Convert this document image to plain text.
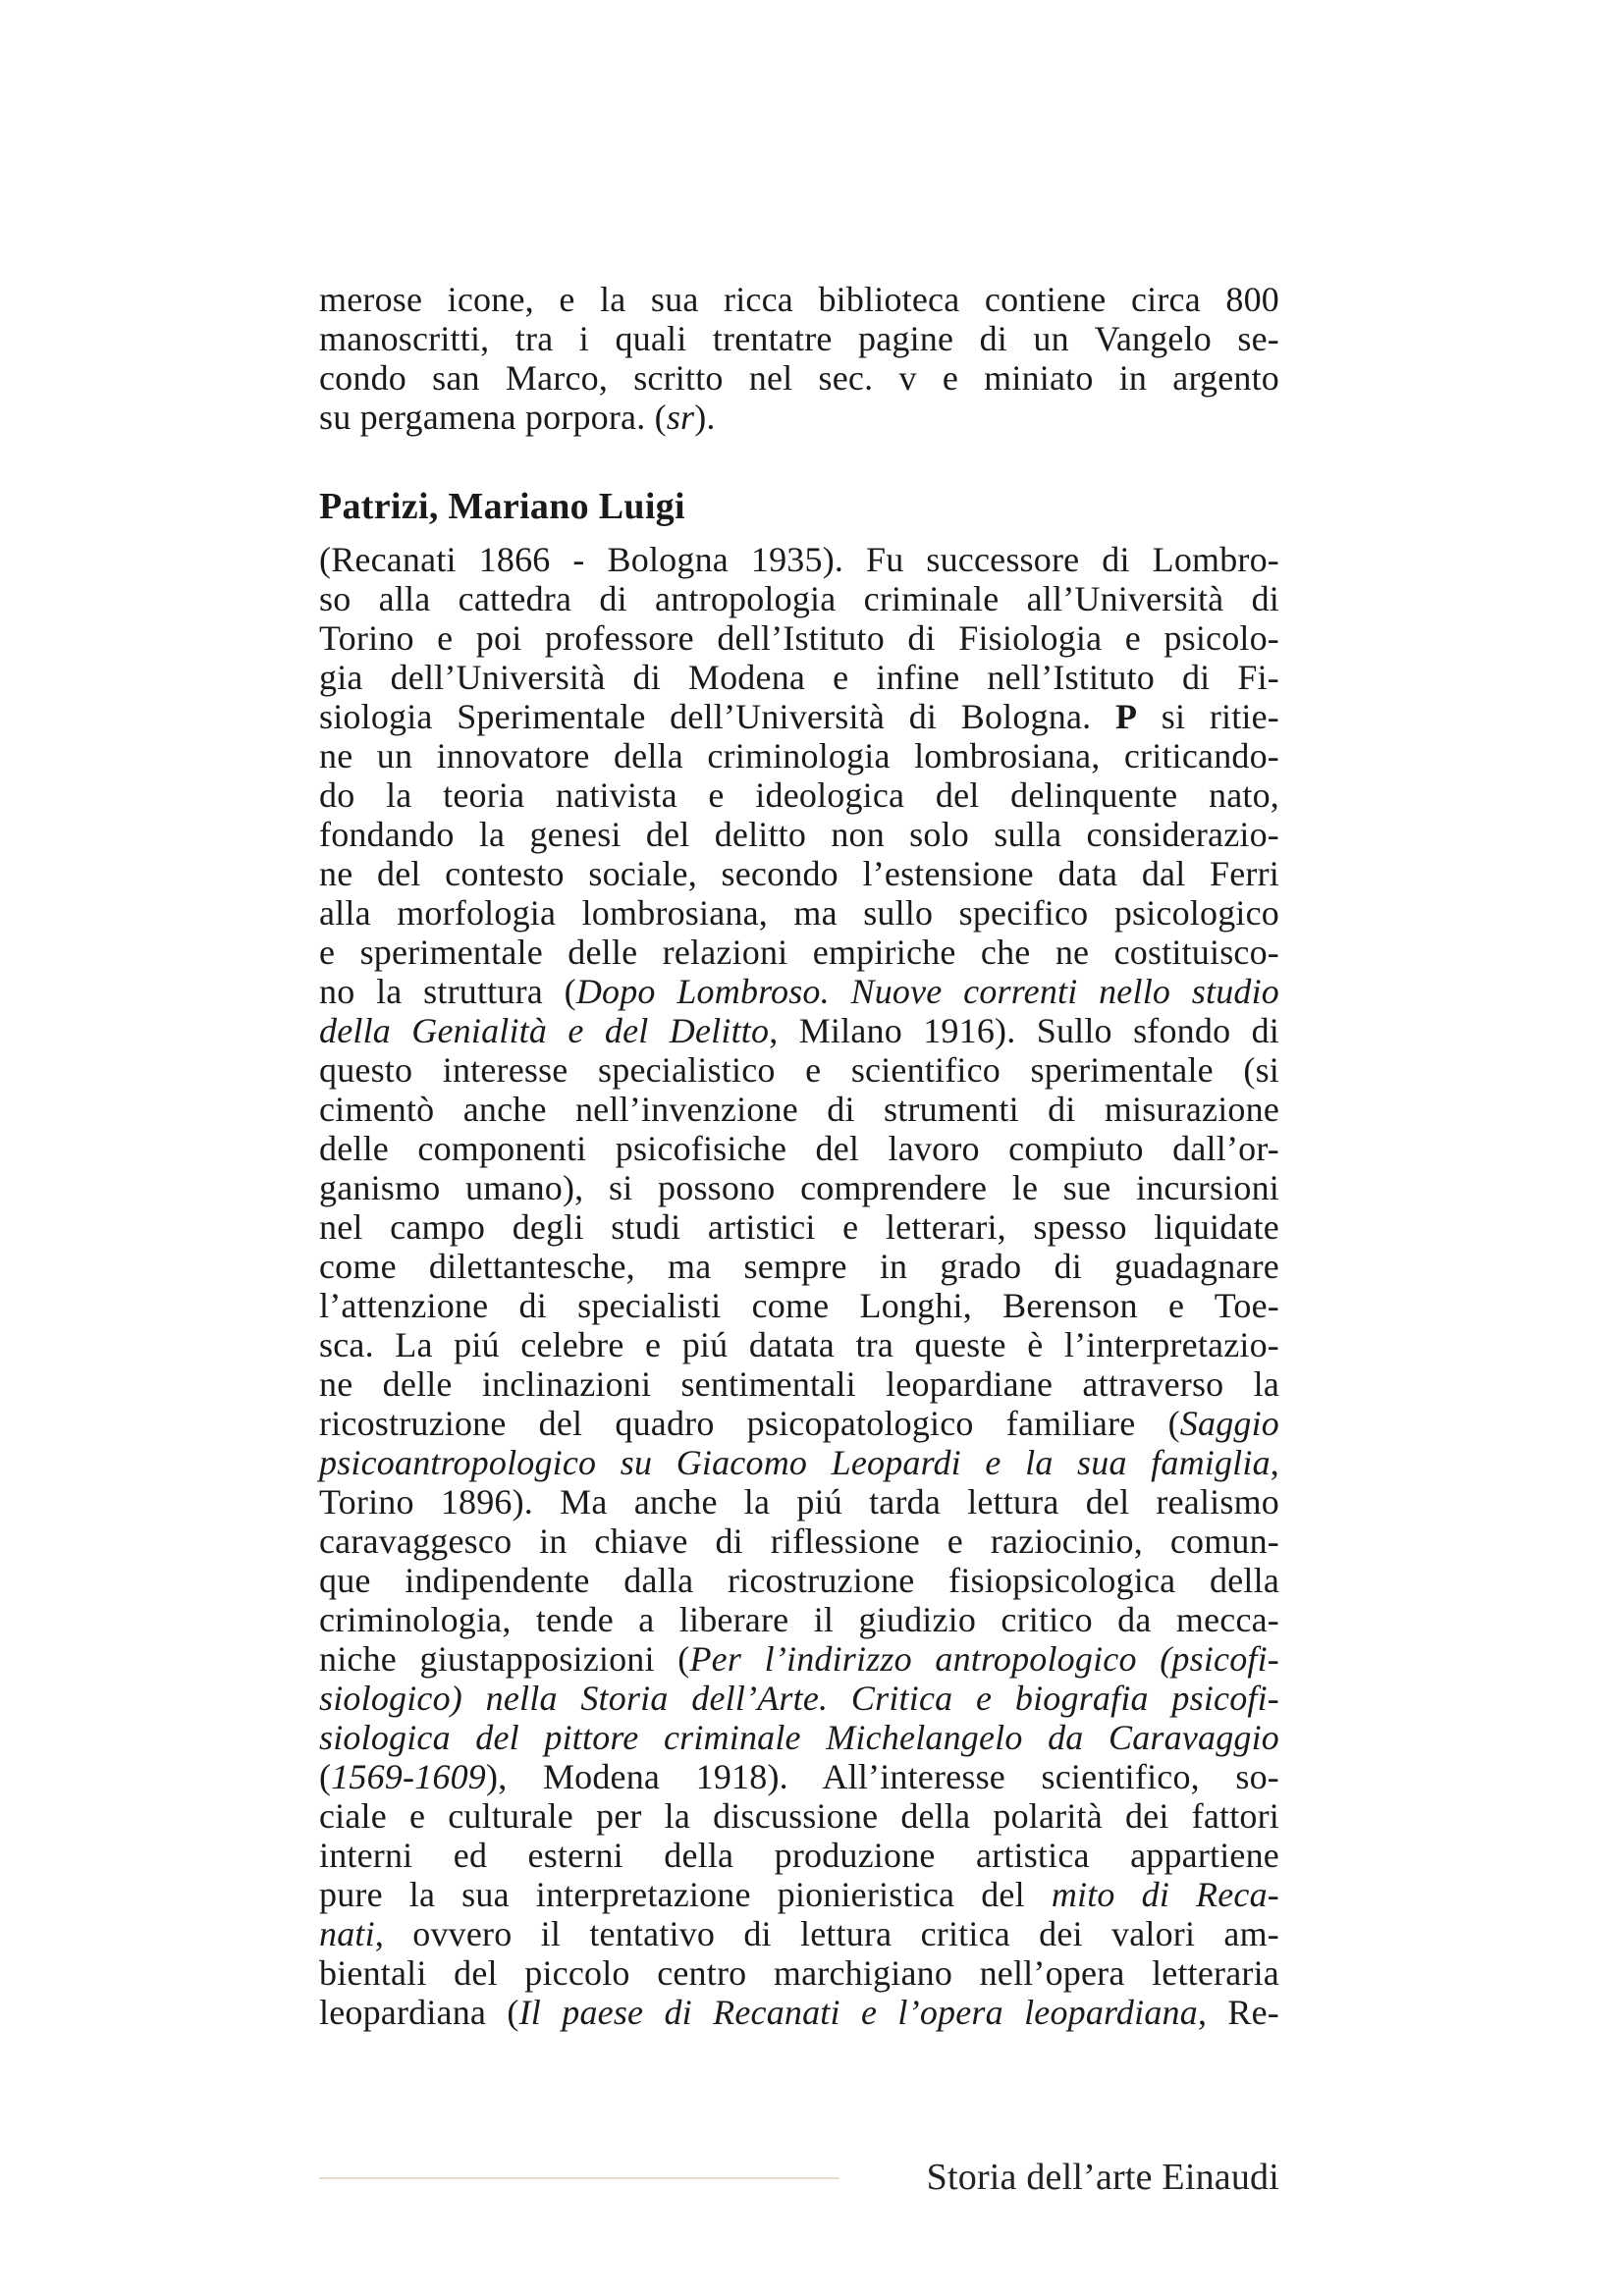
merose icone, e la sua ricca biblioteca contiene circa 800
manoscritti, tra i quali trentatre pagine di un Vangelo se-
condo san Marco, scritto nel sec. v e miniato in argento
su pergamena porpora. (sr).
Patrizi, Mariano Luigi
(Recanati 1866 - Bologna 1935). Fu successore di Lombro-
so alla cattedra di antropologia criminale all’Università di
Torino e poi professore dell’Istituto di Fisiologia e psicolo-
gia dell’Università di Modena e infine nell’Istituto di Fi-
siologia Sperimentale dell’Università di Bologna. P si ritie-
ne un innovatore della criminologia lombrosiana, criticando-
do la teoria nativista e ideologica del delinquente nato,
fondando la genesi del delitto non solo sulla considerazio-
ne del contesto sociale, secondo l’estensione data dal Ferri
alla morfologia lombrosiana, ma sullo specifico psicologico
e sperimentale delle relazioni empiriche che ne costituisco-
no la struttura (Dopo Lombroso. Nuove correnti nello studio
della Genialità e del Delitto, Milano 1916). Sullo sfondo di
questo interesse specialistico e scientifico sperimentale (si
cimentò anche nell’invenzione di strumenti di misurazione
delle componenti psicofisiche del lavoro compiuto dall’or-
ganismo umano), si possono comprendere le sue incursioni
nel campo degli studi artistici e letterari, spesso liquidate
come dilettantesche, ma sempre in grado di guadagnare
l’attenzione di specialisti come Longhi, Berenson e Toe-
sca. La piú celebre e piú datata tra queste è l’interpretazio-
ne delle inclinazioni sentimentali leopardiane attraverso la
ricostruzione del quadro psicopatologico familiare (Saggio
psicoantropologico su Giacomo Leopardi e la sua famiglia,
Torino 1896). Ma anche la piú tarda lettura del realismo
caravaggesco in chiave di riflessione e raziocinio, comun-
que indipendente dalla ricostruzione fisiopsicologica della
criminologia, tende a liberare il giudizio critico da mecca-
niche giustapposizioni (Per l’indirizzo antropologico (psicofi-
siologico) nella Storia dell’Arte. Critica e biografia psicofi-
siologica del pittore criminale Michelangelo da Caravaggio
(1569-1609), Modena 1918). All’interesse scientifico, so-
ciale e culturale per la discussione della polarità dei fattori
interni ed esterni della produzione artistica appartiene
pure la sua interpretazione pionieristica del mito di Reca-
nati, ovvero il tentativo di lettura critica dei valori am-
bientali del piccolo centro marchigiano nell’opera letteraria
leopardiana (Il paese di Recanati e l’opera leopardiana, Re-
Storia dell’arte Einaudi
